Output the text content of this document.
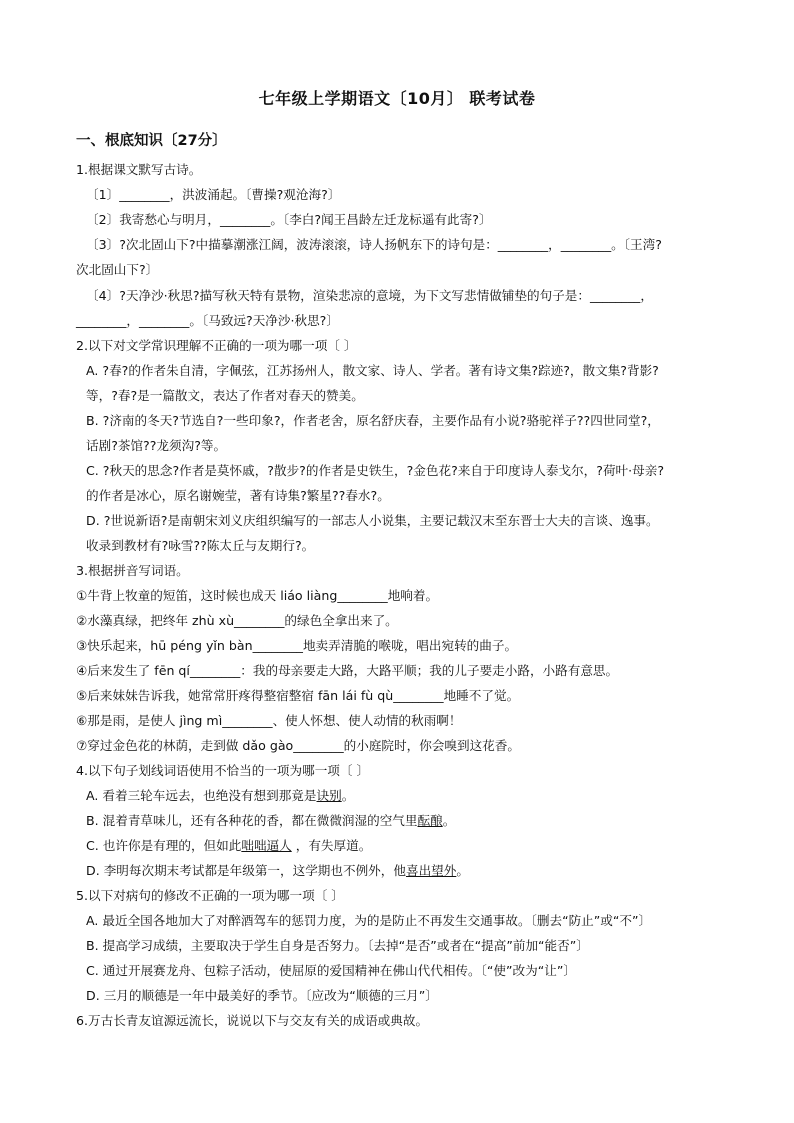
七年级上学期语文〔10月〕 联考试卷
一、根底知识〔27分〕
1.根据课文默写古诗。
〔1〕________，洪波涌起。〔曹操?观沧海?〕
〔2〕我寄愁心与明月，________。〔李白?闻王昌龄左迁龙标遥有此寄?〕
〔3〕?次北固山下?中描摹潮涨江阔，波涛滚滚，诗人扬帆东下的诗句是：________，________。〔王湾?
次北固山下?〕
〔4〕?天净沙·秋思?描写秋天特有景物，渲染悲凉的意境，为下文写悲情做铺垫的句子是：________，
________，________。〔马致远?天净沙·秋思?〕
2.以下对文学常识理解不正确的一项为哪一项〔 〕
A. ?春?的作者朱自清，字佩弦，江苏扬州人，散文家、诗人、学者。著有诗文集?踪迹?，散文集?背影?
等，?春?是一篇散文，表达了作者对春天的赞美。
B. ?济南的冬天?节选自?一些印象?，作者老舍，原名舒庆春，主要作品有小说?骆驼祥子??四世同堂?，
话剧?茶馆??龙须沟?等。
C. ?秋天的思念?作者是莫怀戚，?散步?的作者是史铁生，?金色花?来自于印度诗人泰戈尔，?荷叶·母亲?
的作者是冰心，原名谢婉莹，著有诗集?繁星??春水?。
D. ?世说新语?是南朝宋刘义庆组织编写的一部志人小说集，主要记载汉末至东晋士大夫的言谈、逸事。
收录到教材有?咏雪??陈太丘与友期行?。
3.根据拼音写词语。
①牛背上牧童的短笛，这时候也成天 liáo liàng________地响着。
②水藻真绿，把终年 zhù xù________的绿色全拿出来了。
③快乐起来，hū péng yǐn bàn________地卖弄清脆的喉咙，唱出宛转的曲子。
④后来发生了 fēn qí________：我的母亲要走大路，大路平顺；我的儿子要走小路，小路有意思。
⑤后来妹妹告诉我，她常常肝疼得整宿整宿 fān lái fù qù________地睡不了觉。
⑥那是雨，是使人 jìng mì________、使人怀想、使人动情的秋雨啊！
⑦穿过金色花的林荫，走到做 dǎo gào________的小庭院时，你会嗅到这花香。
4.以下句子划线词语使用不恰当的一项为哪一项〔 〕
A. 看着三轮车远去，也绝没有想到那竟是诀别。
B. 混着青草味儿，还有各种花的香，都在微微润湿的空气里酝酿。
C. 也许你是有理的，但如此咄咄逼人 ，有失厚道。
D. 李明每次期末考试都是年级第一，这学期也不例外，他喜出望外。
5.以下对病句的修改不正确的一项为哪一项〔 〕
A. 最近全国各地加大了对醉酒驾车的惩罚力度，为的是防止不再发生交通事故。〔删去“防止”或“不”〕
B. 提高学习成绩，主要取决于学生自身是否努力。〔去掉“是否”或者在“提高”前加“能否”〕
C. 通过开展赛龙舟、包粽子活动，使屈原的爱国精神在佛山代代相传。〔“使”改为“让”〕
D. 三月的顺德是一年中最美好的季节。〔应改为“顺德的三月”〕
6.万古长青友谊源远流长，说说以下与交友有关的成语或典故。
